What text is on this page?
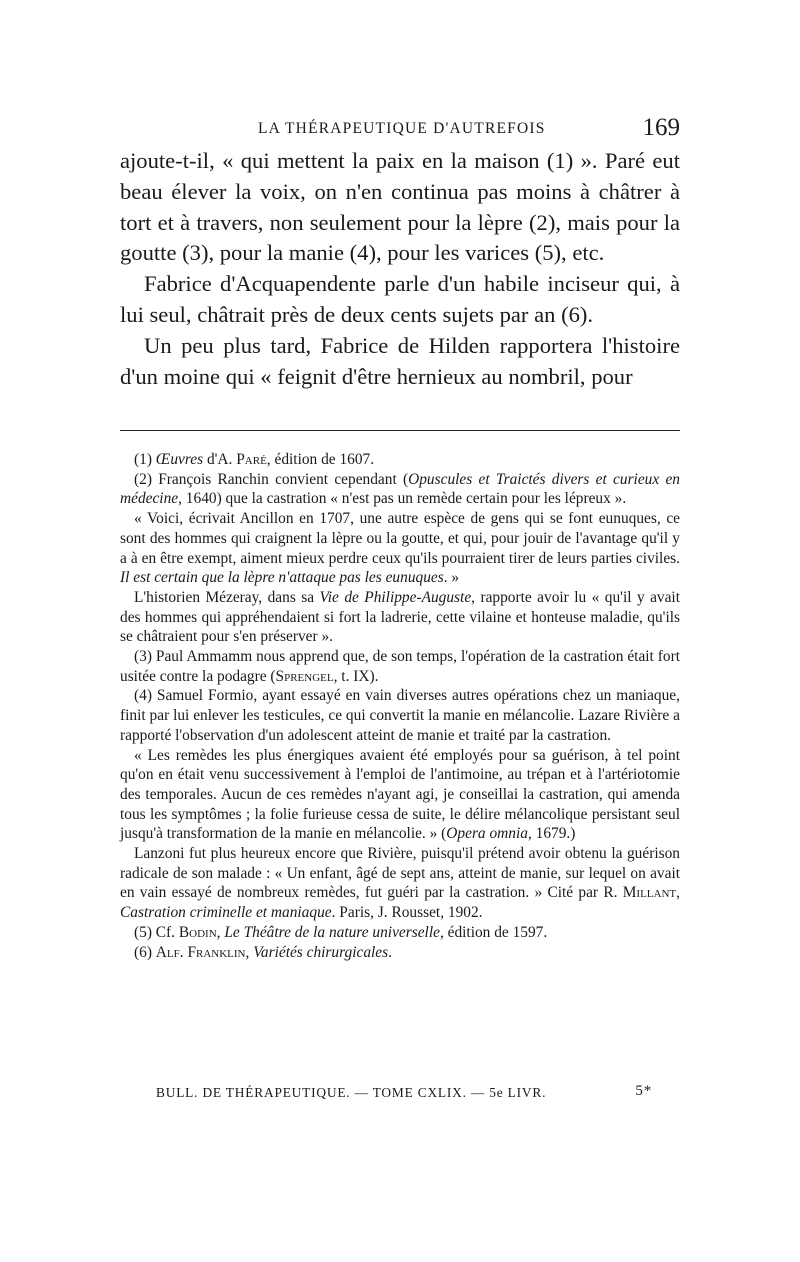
LA THÉRAPEUTIQUE D'AUTREFOIS	169

ajoute-t-il, « qui mettent la paix en la maison (1) ». Paré eut beau élever la voix, on n'en continua pas moins à châtrer à tort et à travers, non seulement pour la lèpre (2), mais pour la goutte (3), pour la manie (4), pour les varices (5), etc.

Fabrice d'Acquapendente parle d'un habile inciseur qui, à lui seul, châtrait près de deux cents sujets par an (6).

Un peu plus tard, Fabrice de Hilden rapportera l'histoire d'un moine qui « feignit d'être hernieux au nombril, pour

(1) Œuvres d'A. Paré, édition de 1607.

(2) François Ranchin convient cependant (Opuscules et Traictés divers et curieux en médecine, 1640) que la castration « n'est pas un remède certain pour les lépreux ».

« Voici, écrivait Ancillon en 1707, une autre espèce de gens qui se font eunuques, ce sont des hommes qui craignent la lèpre ou la goutte, et qui, pour jouir de l'avantage qu'il y a à en être exempt, aiment mieux perdre ceux qu'ils pourraient tirer de leurs parties civiles. Il est certain que la lèpre n'attaque pas les eunuques. »

L'historien Mézeray, dans sa Vie de Philippe-Auguste, rapporte avoir lu « qu'il y avait des hommes qui appréhendaient si fort la ladrerie, cette vilaine et honteuse maladie, qu'ils se châtraient pour s'en préserver ».

(3) Paul Ammamm nous apprend que, de son temps, l'opération de la castration était fort usitée contre la podagre (Sprengel, t. IX).

(4) Samuel Formio, ayant essayé en vain diverses autres opérations chez un maniaque, finit par lui enlever les testicules, ce qui convertit la manie en mélancolie. Lazare Rivière a rapporté l'observation d'un adolescent atteint de manie et traité par la castration.

« Les remèdes les plus énergiques avaient été employés pour sa guérison, à tel point qu'on en était venu successivement à l'emploi de l'antimoine, au trépan et à l'artériotomie des temporales. Aucun de ces remèdes n'ayant agi, je conseillai la castration, qui amenda tous les symptômes ; la folie furieuse cessa de suite, le délire mélancolique persistant seul jusqu'à transformation de la manie en mélancolie. » (Opera omnia, 1679.)

Lanzoni fut plus heureux encore que Rivière, puisqu'il prétend avoir obtenu la guérison radicale de son malade : « Un enfant, âgé de sept ans, atteint de manie, sur lequel on avait en vain essayé de nombreux remèdes, fut guéri par la castration. » Cité par R. Millant, Castration criminelle et maniaque. Paris, J. Rousset, 1902.

(5) Cf. Bodin, Le Théâtre de la nature universelle, édition de 1597.

(6) Alf. Franklin, Variétés chirurgicales.

BULL. DE THÉRAPEUTIQUE. — TOME CXLIX. — 5e LIVR.	5*
